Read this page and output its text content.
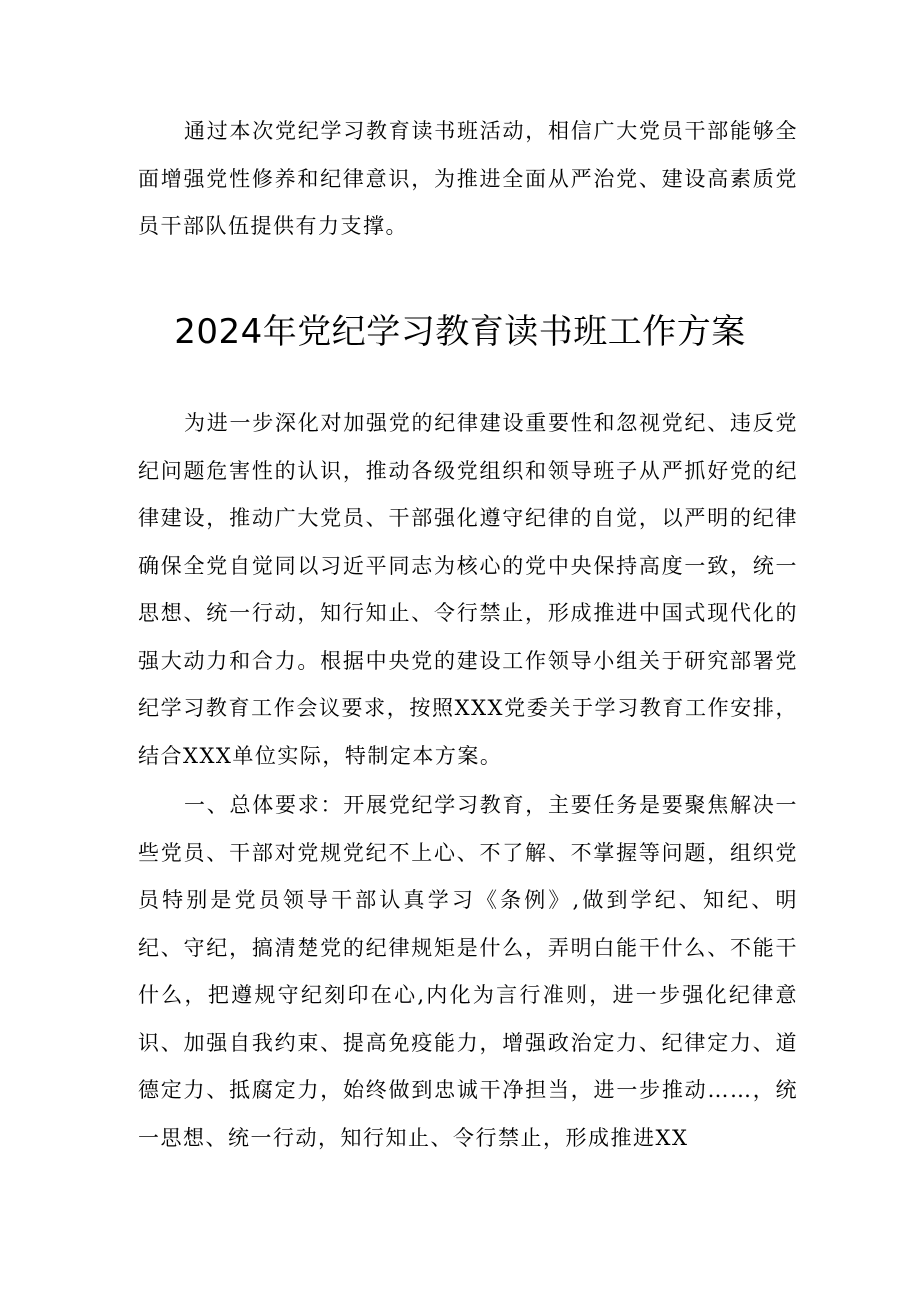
通过本次党纪学习教育读书班活动，相信广大党员干部能够全面增强党性修养和纪律意识，为推进全面从严治党、建设高素质党员干部队伍提供有力支撑。

2024年党纪学习教育读书班工作方案

为进一步深化对加强党的纪律建设重要性和忽视党纪、违反党纪问题危害性的认识，推动各级党组织和领导班子从严抓好党的纪律建设，推动广大党员、干部强化遵守纪律的自觉，以严明的纪律确保全党自觉同以习近平同志为核心的党中央保持高度一致，统一思想、统一行动，知行知止、令行禁止，形成推进中国式现代化的强大动力和合力。根据中央党的建设工作领导小组关于研究部署党纪学习教育工作会议要求，按照XXX党委关于学习教育工作安排，结合XXX单位实际，特制定本方案。

一、总体要求：开展党纪学习教育，主要任务是要聚焦解决一些党员、干部对党规党纪不上心、不了解、不掌握等问题，组织党员特别是党员领导干部认真学习《条例》,做到学纪、知纪、明纪、守纪，搞清楚党的纪律规矩是什么，弄明白能干什么、不能干什么，把遵规守纪刻印在心,内化为言行准则，进一步强化纪律意识、加强自我约束、提高免疫能力，增强政治定力、纪律定力、道德定力、抵腐定力，始终做到忠诚干净担当，进一步推动……，统一思想、统一行动，知行知止、令行禁止，形成推进XX
